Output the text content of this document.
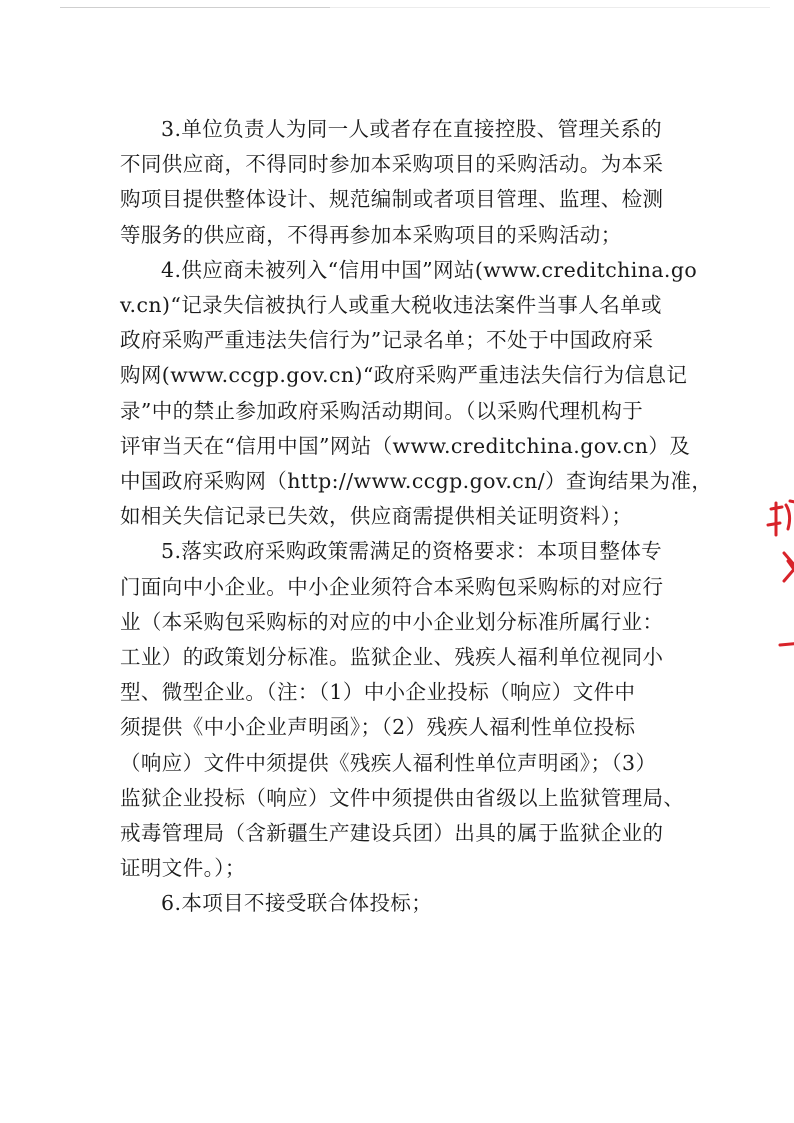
3.单位负责人为同一人或者存在直接控股、管理关系的
不同供应商，不得同时参加本采购项目的采购活动。为本采
购项目提供整体设计、规范编制或者项目管理、监理、检测
等服务的供应商，不得再参加本采购项目的采购活动；
4.供应商未被列入“信用中国”网站(www.creditchina.go
v.cn)“记录失信被执行人或重大税收违法案件当事人名单或
政府采购严重违法失信行为”记录名单；不处于中国政府采
购网(www.ccgp.gov.cn)“政府采购严重违法失信行为信息记
录”中的禁止参加政府采购活动期间。（以采购代理机构于
评审当天在“信用中国”网站（www.creditchina.gov.cn）及
中国政府采购网（http://www.ccgp.gov.cn/）查询结果为准，
如相关失信记录已失效，供应商需提供相关证明资料）；
5.落实政府采购政策需满足的资格要求：本项目整体专
门面向中小企业。中小企业须符合本采购包采购标的对应行
业（本采购包采购标的对应的中小企业划分标准所属行业：
工业）的政策划分标准。监狱企业、残疾人福利单位视同小
型、微型企业。（注：（1）中小企业投标（响应）文件中
须提供《中小企业声明函》；（2）残疾人福利性单位投标
（响应）文件中须提供《残疾人福利性单位声明函》；（3）
监狱企业投标（响应）文件中须提供由省级以上监狱管理局、
戒毒管理局（含新疆生产建设兵团）出具的属于监狱企业的
证明文件。）；
6.本项目不接受联合体投标；
